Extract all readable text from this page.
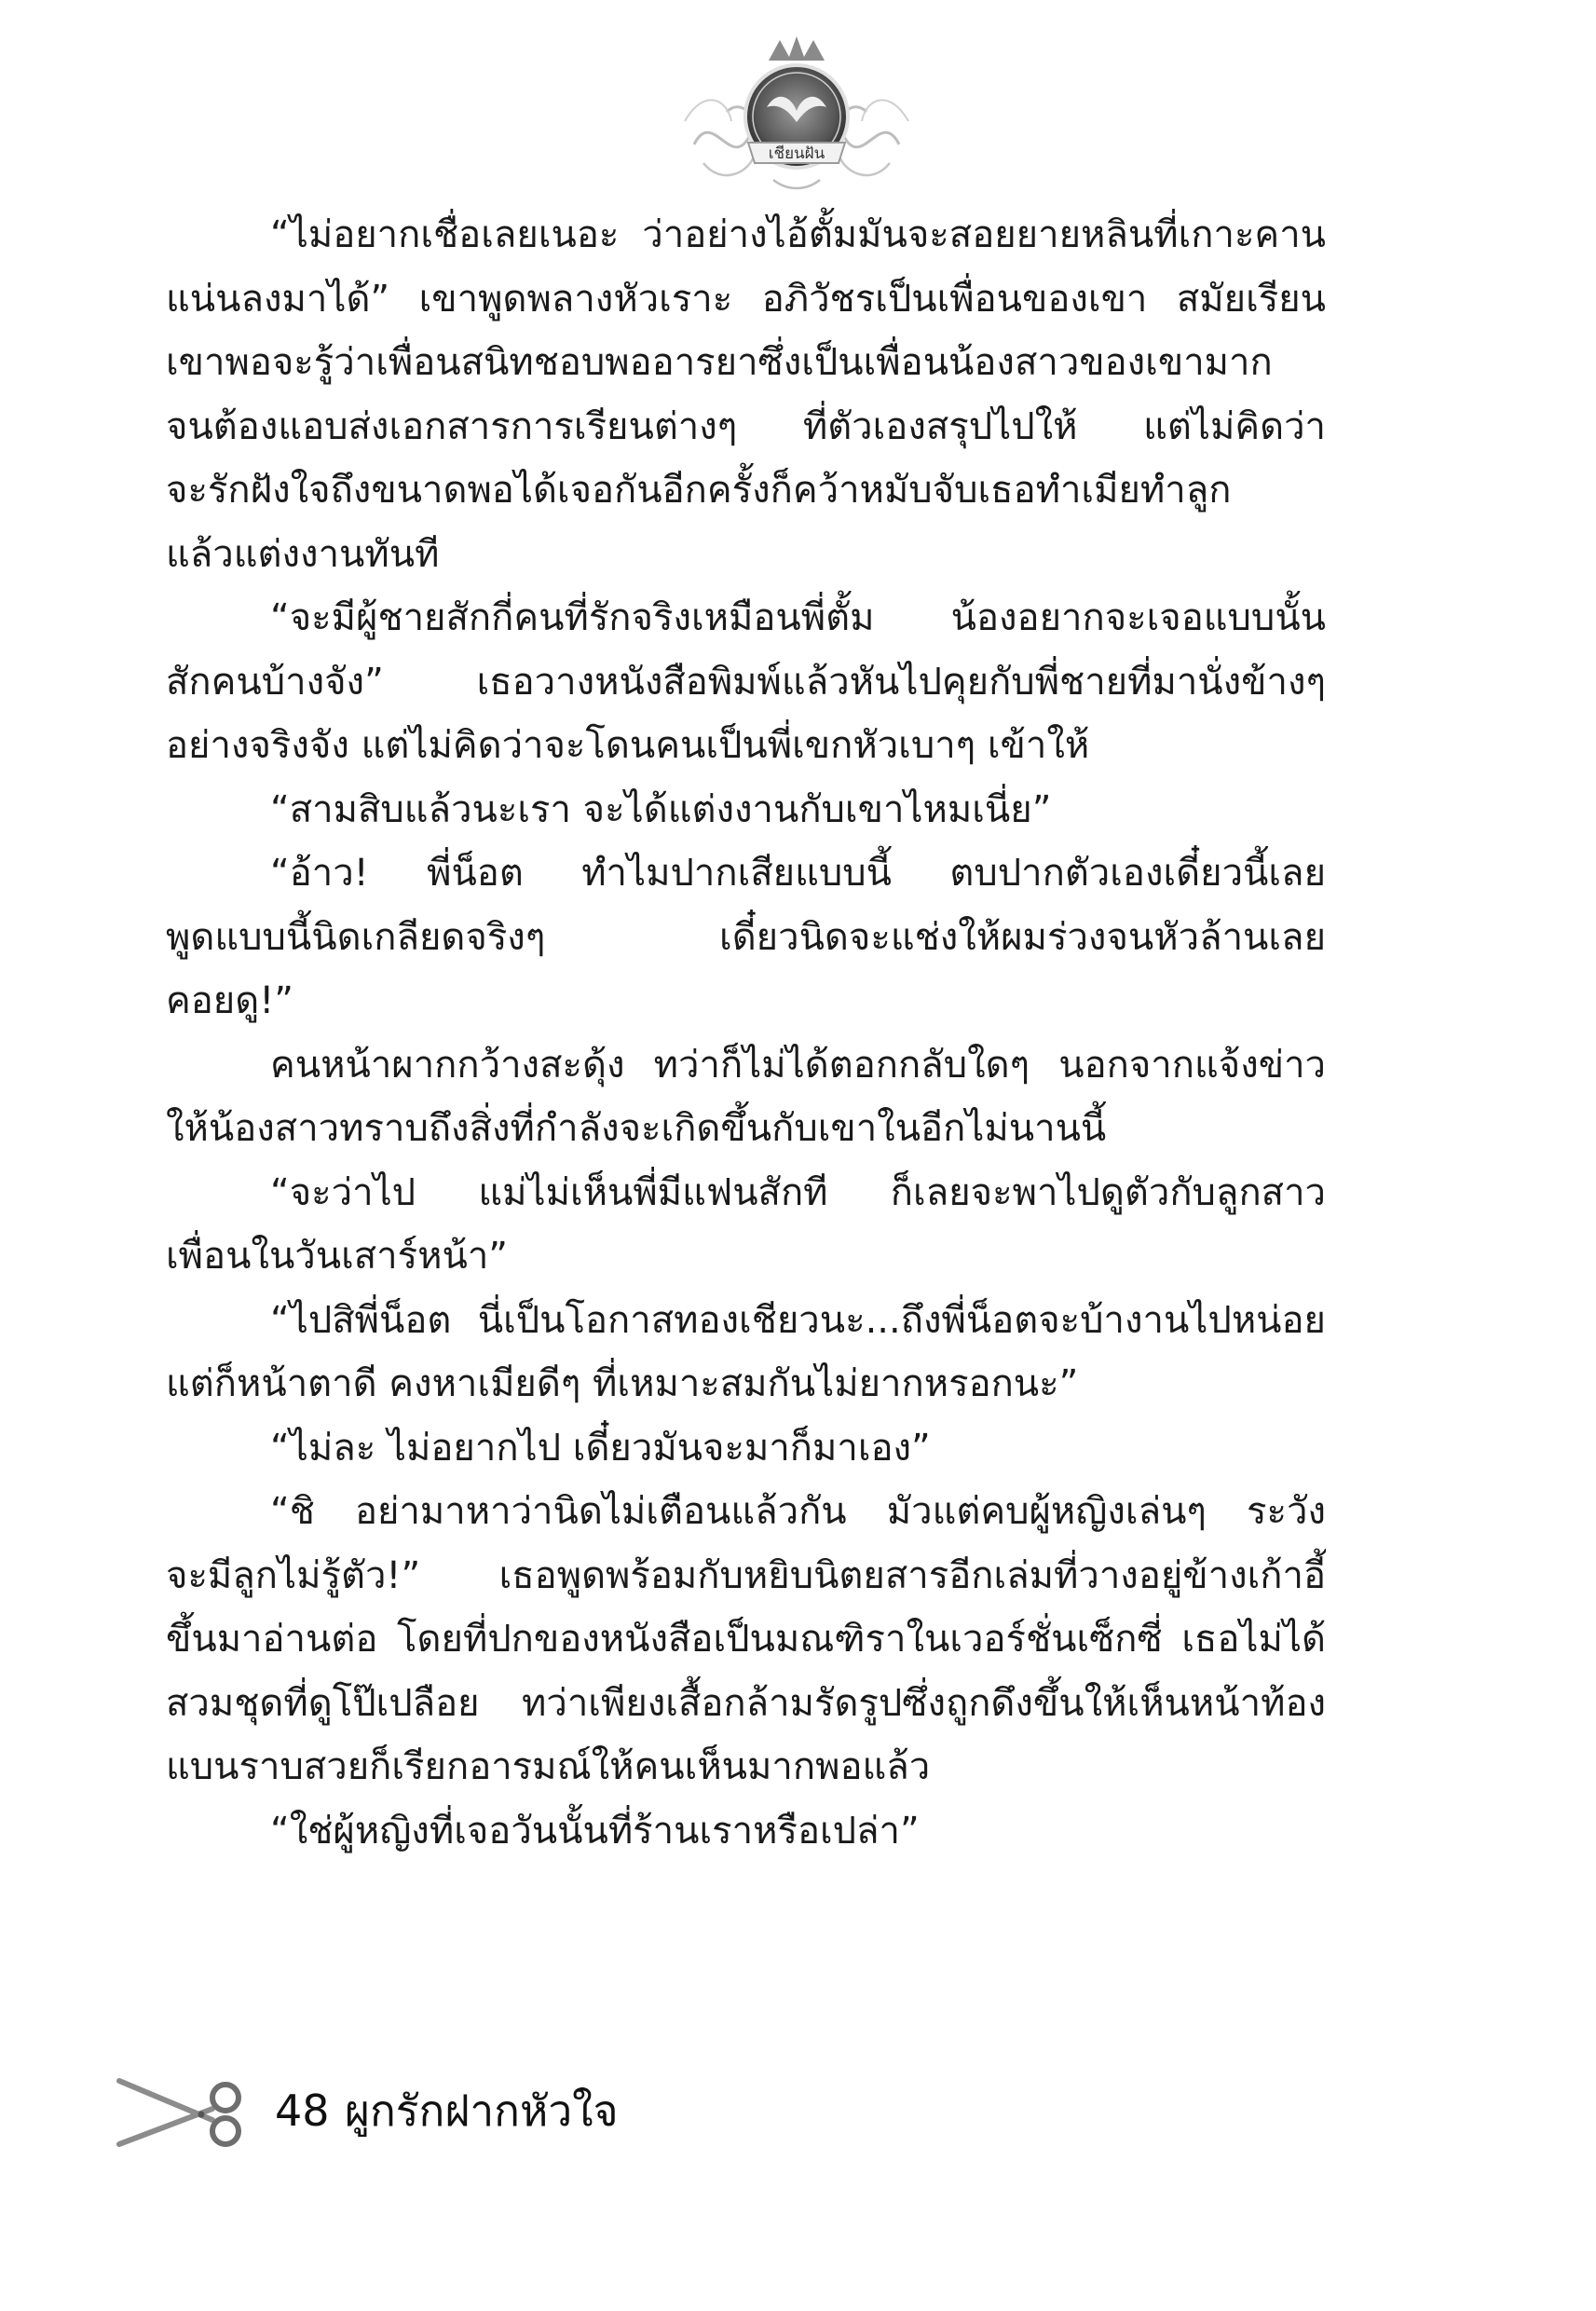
เชียนฝัน
“ไม่อยากเชื่อเลยเนอะ ว่าอย่างไอ้ตั้มมันจะสอยยายหลินที่เกาะคาน
แน่นลงมาได้” เขาพูดพลางหัวเราะ อภิวัชรเป็นเพื่อนของเขา สมัยเรียน
เขาพอจะรู้ว่าเพื่อนสนิทชอบพออารยาซึ่งเป็นเพื่อนน้องสาวของเขามาก
จนต้องแอบส่งเอกสารการเรียนต่างๆ ที่ตัวเองสรุปไปให้ แต่ไม่คิดว่า
จะรักฝังใจถึงขนาดพอได้เจอกันอีกครั้งก็คว้าหมับจับเธอทำเมียทำลูก
แล้วแต่งงานทันที
“จะมีผู้ชายสักกี่คนที่รักจริงเหมือนพี่ตั้ม น้องอยากจะเจอแบบนั้น
สักคนบ้างจัง” เธอวางหนังสือพิมพ์แล้วหันไปคุยกับพี่ชายที่มานั่งข้างๆ
อย่างจริงจัง แต่ไม่คิดว่าจะโดนคนเป็นพี่เขกหัวเบาๆ เข้าให้
“สามสิบแล้วนะเรา จะได้แต่งงานกับเขาไหมเนี่ย”
“อ้าว! พี่น็อต ทำไมปากเสียแบบนี้ ตบปากตัวเองเดี๋ยวนี้เลย
พูดแบบนี้นิดเกลียดจริงๆ เดี๋ยวนิดจะแช่งให้ผมร่วงจนหัวล้านเลย
คอยดู!”
คนหน้าผากกว้างสะดุ้ง ทว่าก็ไม่ได้ตอกกลับใดๆ นอกจากแจ้งข่าว
ให้น้องสาวทราบถึงสิ่งที่กำลังจะเกิดขึ้นกับเขาในอีกไม่นานนี้
“จะว่าไป แม่ไม่เห็นพี่มีแฟนสักที ก็เลยจะพาไปดูตัวกับลูกสาว
เพื่อนในวันเสาร์หน้า”
“ไปสิพี่น็อต นี่เป็นโอกาสทองเชียวนะ...ถึงพี่น็อตจะบ้างานไปหน่อย
แต่ก็หน้าตาดี คงหาเมียดีๆ ที่เหมาะสมกันไม่ยากหรอกนะ”
“ไม่ละ ไม่อยากไป เดี๋ยวมันจะมาก็มาเอง”
“ชิ อย่ามาหาว่านิดไม่เตือนแล้วกัน มัวแต่คบผู้หญิงเล่นๆ ระวัง
จะมีลูกไม่รู้ตัว!” เธอพูดพร้อมกับหยิบนิตยสารอีกเล่มที่วางอยู่ข้างเก้าอี้
ขึ้นมาอ่านต่อ โดยที่ปกของหนังสือเป็นมณฑิราในเวอร์ชั่นเซ็กซี่ เธอไม่ได้
สวมชุดที่ดูโป๊เปลือย ทว่าเพียงเสื้อกล้ามรัดรูปซึ่งถูกดึงขึ้นให้เห็นหน้าท้อง
แบนราบสวยก็เรียกอารมณ์ให้คนเห็นมากพอแล้ว
“ใช่ผู้หญิงที่เจอวันนั้นที่ร้านเราหรือเปล่า”
48 ผูกรักฝากหัวใจ
